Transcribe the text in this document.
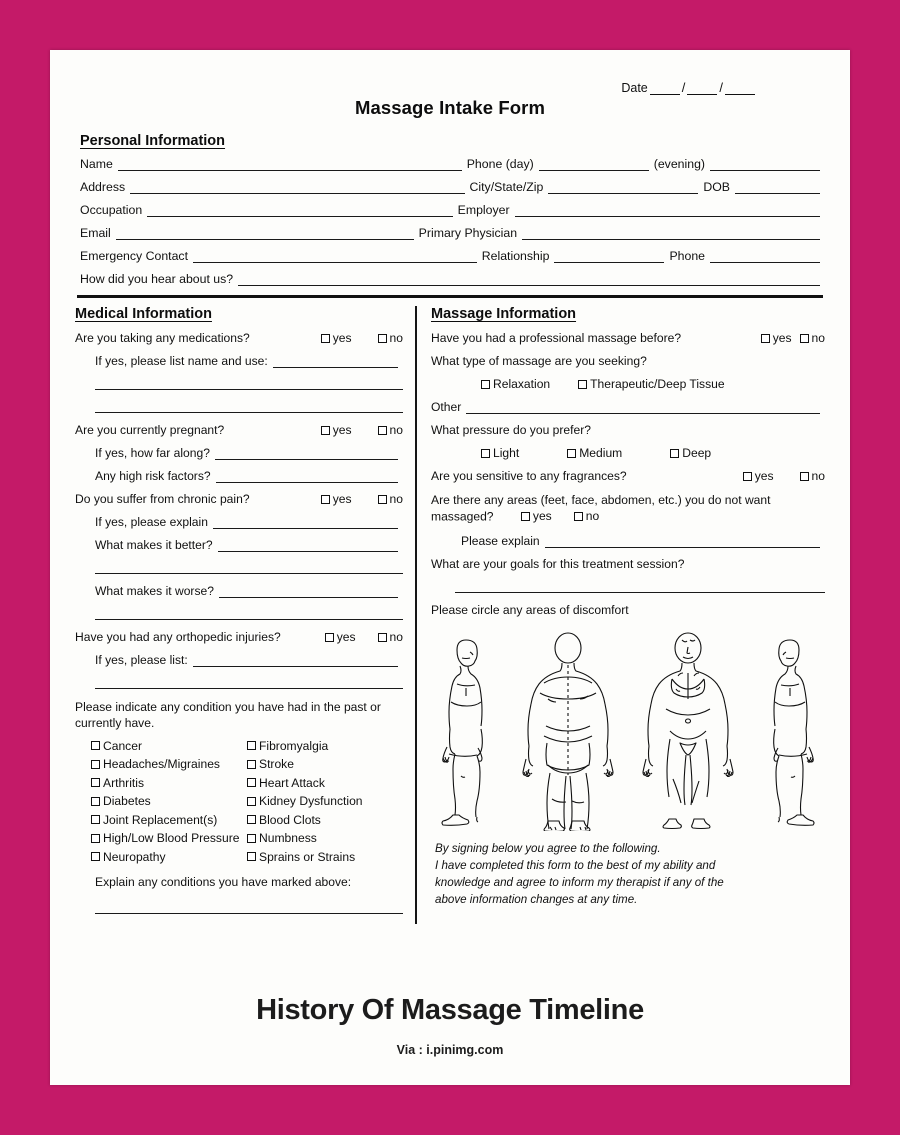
Date	/	/
Massage Intake Form
Personal Information
Name	Phone (day)	(evening)
Address	City/State/Zip	DOB
Occupation	Employer
Email	Primary Physician
Emergency Contact	Relationship	Phone
How did you hear about us?
Medical Information
Are you taking any medications?	yes	no
If yes, please list name and use:
Are you currently pregnant?	yes	no
If yes, how far along?
Any high risk factors?
Do you suffer from chronic pain?	yes	no
If yes, please explain
What makes it better?
What makes it worse?
Have you had any orthopedic injuries?	yes	no
If yes, please list:
Please indicate any condition you have had in the past or currently have.
Cancer
Headaches/Migraines
Arthritis
Diabetes
Joint Replacement(s)
High/Low Blood Pressure
Neuropathy
Fibromyalgia
Stroke
Heart Attack
Kidney Dysfunction
Blood Clots
Numbness
Sprains or Strains
Explain any conditions you have marked above:
Massage Information
Have you had a professional massage before?	yes no
What type of massage are you seeking?
Relaxation	Therapeutic/Deep Tissue
Other
What pressure do you prefer?
Light	Medium	Deep
Are you sensitive to any fragrances?	yes	no
Are there any areas (feet, face, abdomen, etc.) you do not want massaged?	yes	no
Please explain
What are your goals for this treatment session?
Please circle any areas of discomfort
By signing below you agree to the following.
I have completed this form to the best of my ability and
knowledge and agree to inform my therapist if any of the
above information changes at any time.
History Of Massage Timeline
Via : i.pinimg.com
